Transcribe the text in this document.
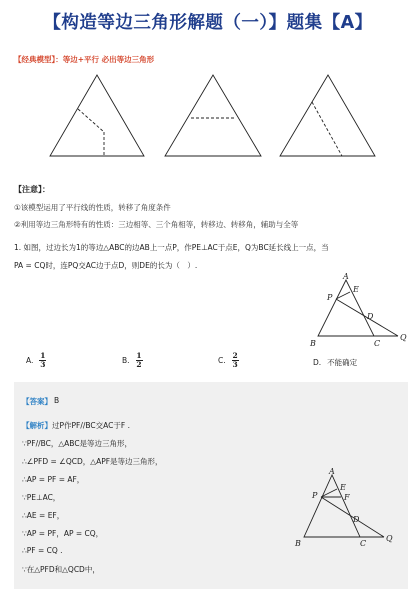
【构造等边三角形解题（一）】题集【A】
【经典模型】：等边+平行 必出等边三角形
【注意】：
①该模型运用了平行线的性质，转移了角度条件
②利用等边三角形特有的性质：三边相等、三个角相等，转移边、转移角，辅助与全等
1. 如图，过边长为1的等边△ABC的边AB上一点P，作PE⊥AC于点E，Q为BC延长线上一点，当
PA = CQ时，连PQ交AC边于点D，则DE的长为（　）.
A
P
E
D
B	C
Q
A. $\frac{1}{3}$	B. $\frac{1}{2}$	C. $\frac{2}{3}$	D. 不能确定
【答案】 B
【解析】过P作PF//BC交AC于F .
∵PF//BC，△ABC是等边三角形，
∴∠PFD = ∠QCD，△APF是等边三角形，
∴AP = PF = AF，
∵PE⊥AC，
∴AE = EF，
∵AP = PF，AP = CQ，
∴PF = CQ .
∵在△PFD和△QCD中，
A
P
E
F
D
B	C
Q
